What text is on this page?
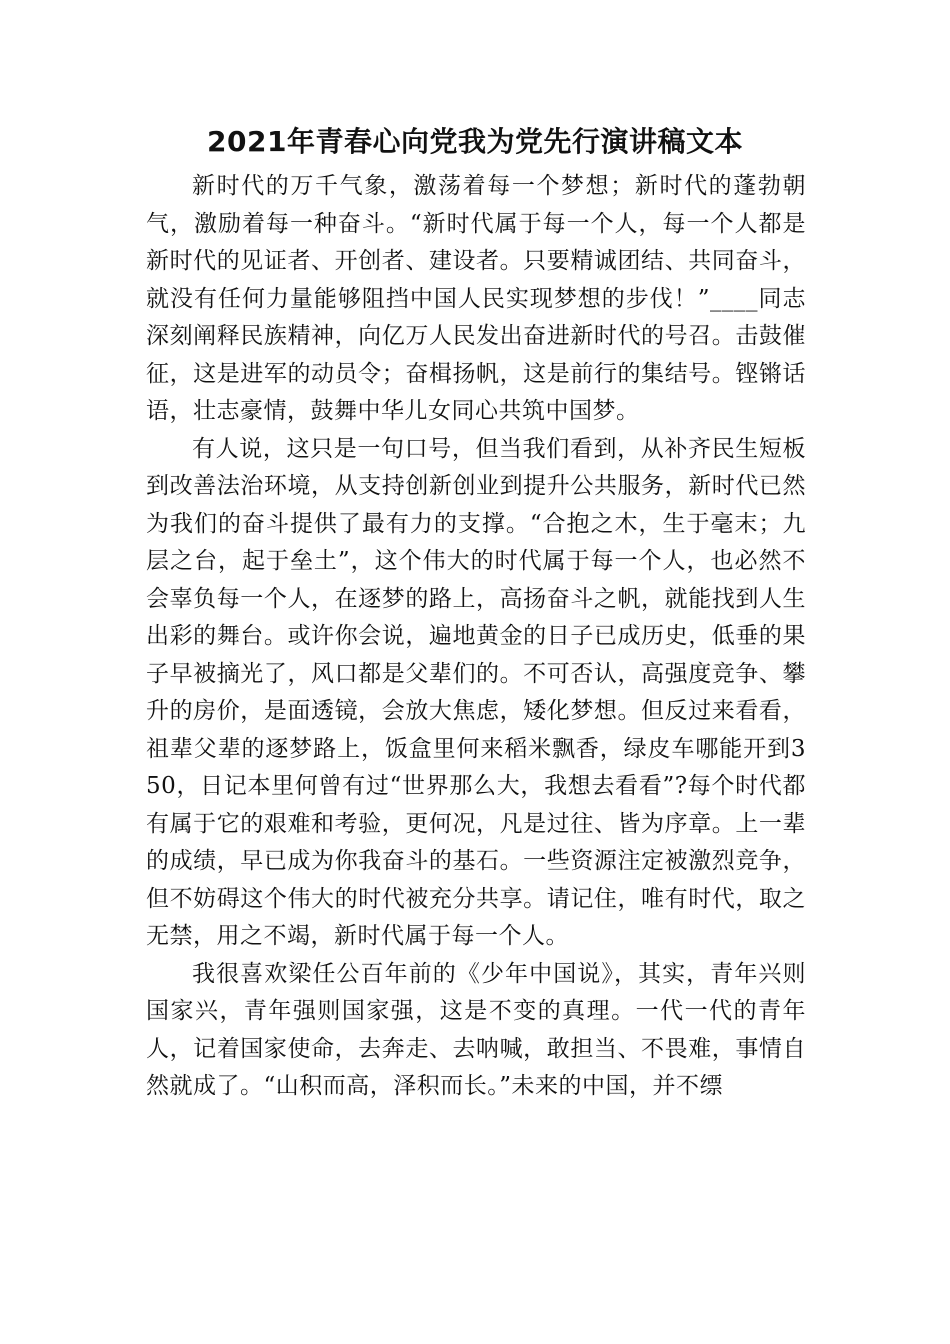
2021年青春心向党我为党先行演讲稿文本

新时代的万千气象，激荡着每一个梦想；新时代的蓬勃朝气，激励着每一种奋斗。“新时代属于每一个人，每一个人都是新时代的见证者、开创者、建设者。只要精诚团结、共同奋斗，就没有任何力量能够阻挡中国人民实现梦想的步伐！”____同志深刻阐释民族精神，向亿万人民发出奋进新时代的号召。击鼓催征，这是进军的动员令；奋楫扬帆，这是前行的集结号。铿锵话语，壮志豪情，鼓舞中华儿女同心共筑中国梦。

有人说，这只是一句口号，但当我们看到，从补齐民生短板到改善法治环境，从支持创新创业到提升公共服务，新时代已然为我们的奋斗提供了最有力的支撑。“合抱之木，生于毫末；九层之台，起于垒土”，这个伟大的时代属于每一个人，也必然不会辜负每一个人，在逐梦的路上，高扬奋斗之帆，就能找到人生出彩的舞台。或许你会说，遍地黄金的日子已成历史，低垂的果子早被摘光了，风口都是父辈们的。不可否认，高强度竞争、攀升的房价，是面透镜，会放大焦虑，矮化梦想。但反过来看看，祖辈父辈的逐梦路上，饭盒里何来稻米飘香，绿皮车哪能开到350，日记本里何曾有过“世界那么大，我想去看看”?每个时代都有属于它的艰难和考验，更何况，凡是过往、皆为序章。上一辈的成绩，早已成为你我奋斗的基石。一些资源注定被激烈竞争，但不妨碍这个伟大的时代被充分共享。请记住，唯有时代，取之无禁，用之不竭，新时代属于每一个人。

我很喜欢梁任公百年前的《少年中国说》，其实，青年兴则国家兴，青年强则国家强，这是不变的真理。一代一代的青年人，记着国家使命，去奔走、去呐喊，敢担当、不畏难，事情自然就成了。“山积而高，泽积而长。”未来的中国，并不缥
